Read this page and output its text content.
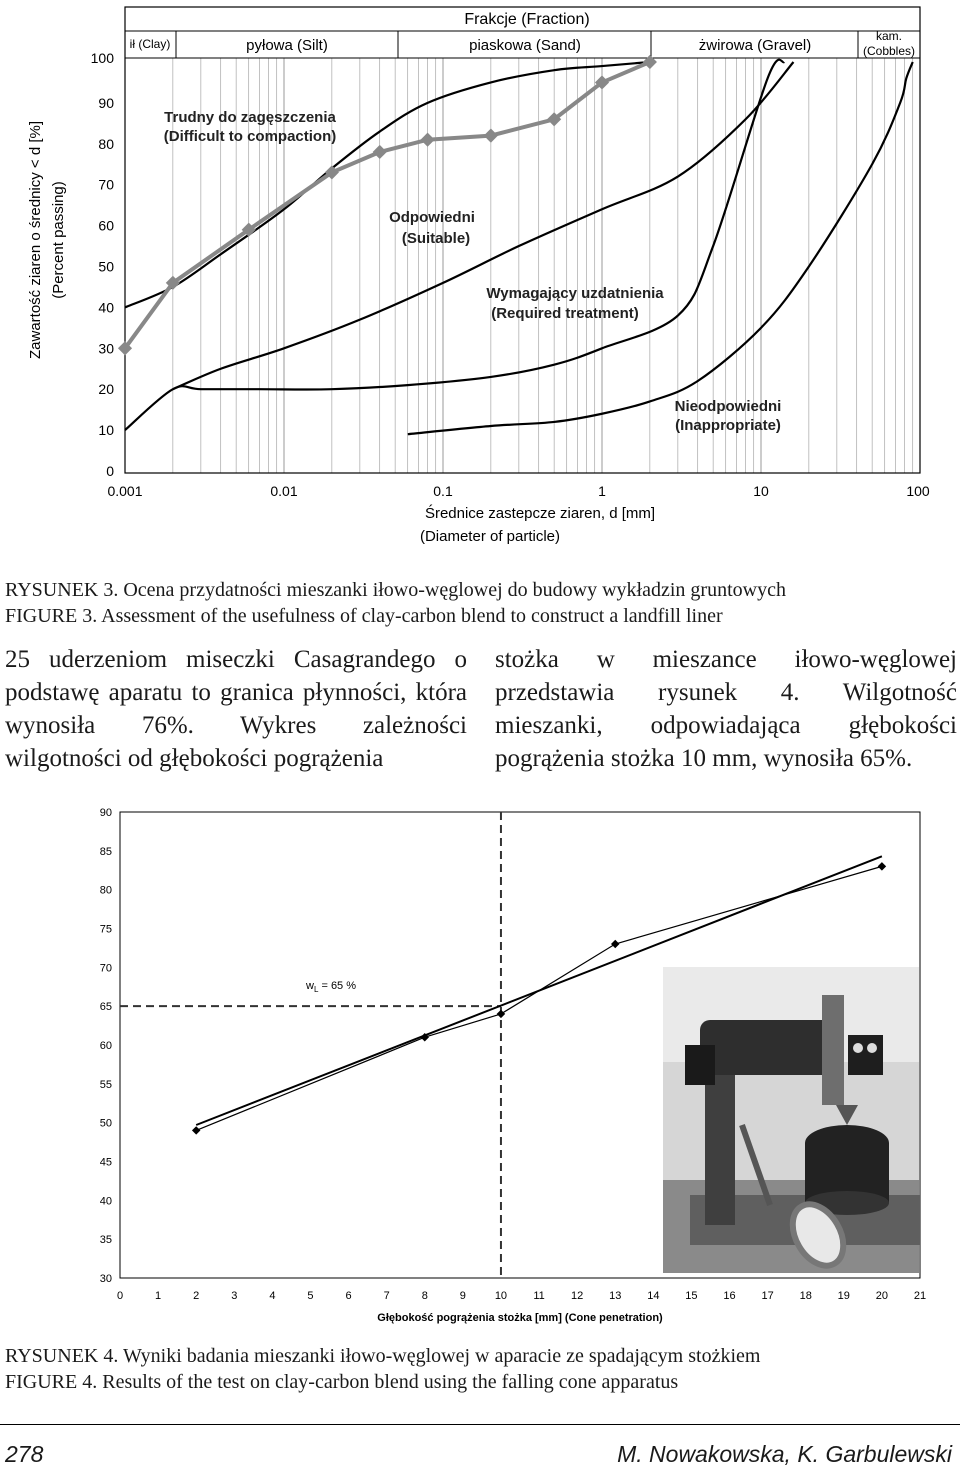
Frakcje (Fraction)
ił (Clay)	pyłowa (Silt)	piaskowa (Sand)	żwirowa (Gravel)
kam.
(Cobbles)
Zawartość ziaren o średnicy < d [%] (Percent passing)
0
10
20
30
40
50
60
70
80
90
100
0.001	0.01	0.1	1	10	100
Średnice zastepcze ziaren, d [mm]
(Diameter of particle)
Trudny do zagęszczenia
(Difficult to compaction)
Odpowiedni
(Suitable)
Wymagający uzdatnienia
(Required treatment)
Nieodpowiedni
(Inappropriate)
RYSUNEK 3. Ocena przydatności mieszanki iłowo-węglowej do budowy wykładzin gruntowych
FIGURE 3. Assessment of the usefulness of clay-carbon blend to construct a landfill liner

25 uderzeniom miseczki Casagrandego o podstawę aparatu to granica płynności, która wynosiła 76%. Wykres zależności wilgotności od głębokości pogrążenia

stożka w mieszance iłowo-węglowej przedstawia rysunek 4. Wilgotność mieszanki, odpowiadająca głębokości pogrążenia stożka 10 mm, wynosiła 65%.

30
35
40
45
50
55
60
65
70
75
80
85
90
0	1	2	3	4	5	6	7	8	9	10 11 12 13 14 15 16 17 18 19 20 21
Głębokość pogrążenia stożka [mm] (Cone penetration)
$w_L = 65$ %
RYSUNEK 4. Wyniki badania mieszanki iłowo-węglowej w aparacie ze spadającym stożkiem
FIGURE 4. Results of the test on clay-carbon blend using the falling cone apparatus
278	M. Nowakowska, K. Garbulewski
